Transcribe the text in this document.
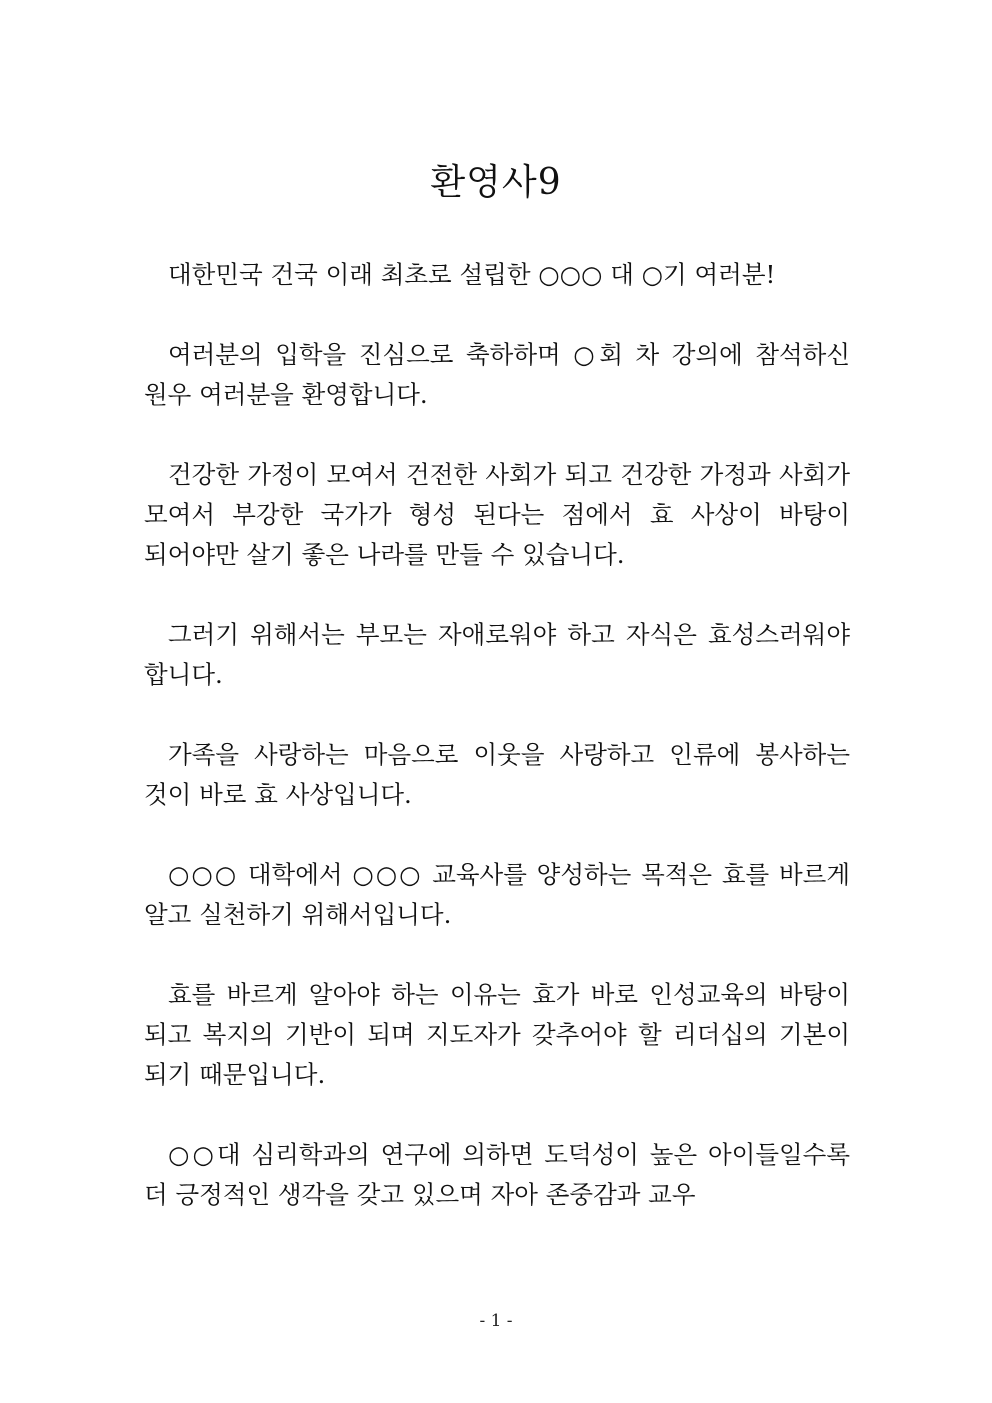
환영사9

대한민국 건국 이래 최초로 설립한 ○○○ 대 ○기 여러분!

여러분의 입학을 진심으로 축하하며 ○회 차 강의에 참석하신 원우 여러분을 환영합니다.

건강한 가정이 모여서 건전한 사회가 되고 건강한 가정과 사회가 모여서 부강한 국가가 형성 된다는 점에서 효 사상이 바탕이 되어야만 살기 좋은 나라를 만들 수 있습니다.

그러기 위해서는 부모는 자애로워야 하고 자식은 효성스러워야 합니다.

가족을 사랑하는 마음으로 이웃을 사랑하고 인류에 봉사하는 것이 바로 효 사상입니다.

○○○ 대학에서 ○○○ 교육사를 양성하는 목적은 효를 바르게 알고 실천하기 위해서입니다.

효를 바르게 알아야 하는 이유는 효가 바로 인성교육의 바탕이 되고 복지의 기반이 되며 지도자가 갖추어야 할 리더십의 기본이 되기 때문입니다.

○○대 심리학과의 연구에 의하면 도덕성이 높은 아이들일수록 더 긍정적인 생각을 갖고 있으며 자아 존중감과 교우

- 1 -
